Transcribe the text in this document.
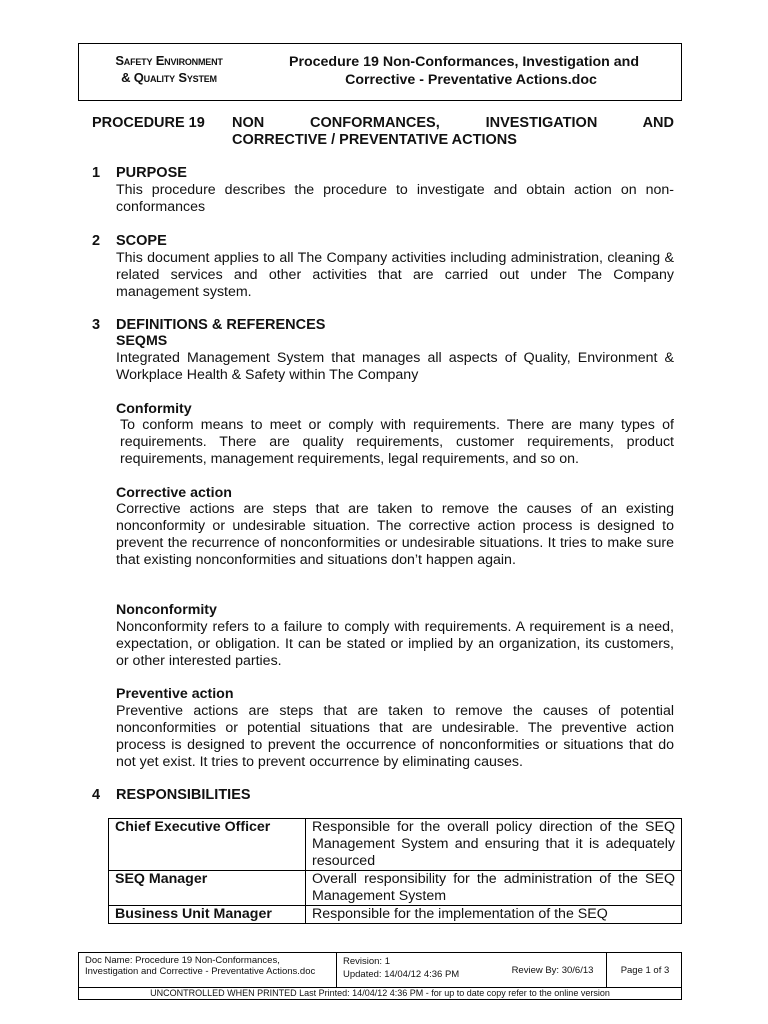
Safety Environment
& Quality System
Procedure 19 Non-Conformances, Investigation and
Corrective - Preventative Actions.doc
PROCEDURE 19 NON CONFORMANCES, INVESTIGATION AND
CORRECTIVE / PREVENTATIVE ACTIONS
1 PURPOSE
This procedure describes the procedure to investigate and obtain action on non-conformances
2 SCOPE
This document applies to all The Company activities including administration, cleaning & related services and other activities that are carried out under The Company management system.
3 DEFINITIONS & REFERENCES
SEQMS
Integrated Management System that manages all aspects of Quality, Environment & Workplace Health & Safety within The Company
Conformity
To conform means to meet or comply with requirements. There are many types of requirements. There are quality requirements, customer requirements, product requirements, management requirements, legal requirements, and so on.
Corrective action
Corrective actions are steps that are taken to remove the causes of an existing nonconformity or undesirable situation. The corrective action process is designed to prevent the recurrence of nonconformities or undesirable situations. It tries to make sure that existing nonconformities and situations don’t happen again.
Nonconformity
Nonconformity refers to a failure to comply with requirements. A requirement is a need, expectation, or obligation. It can be stated or implied by an organization, its customers, or other interested parties.
Preventive action
Preventive actions are steps that are taken to remove the causes of potential nonconformities or potential situations that are undesirable. The preventive action process is designed to prevent the occurrence of nonconformities or situations that do not yet exist. It tries to prevent occurrence by eliminating causes.
4 RESPONSIBILITIES
Chief Executive Officer	Responsible for the overall policy direction of the SEQ Management System and ensuring that it is adequately resourced
SEQ Manager	Overall responsibility for the administration of the SEQ Management System
Business Unit Manager	Responsible for the implementation of the SEQ
Doc Name: Procedure 19 Non-Conformances, Investigation and Corrective - Preventative Actions.doc
Revision: 1
Updated: 14/04/12 4:36 PM	Review By: 30/6/13	Page 1 of 3
UNCONTROLLED WHEN PRINTED Last Printed: 14/04/12 4:36 PM - for up to date copy refer to the online version
